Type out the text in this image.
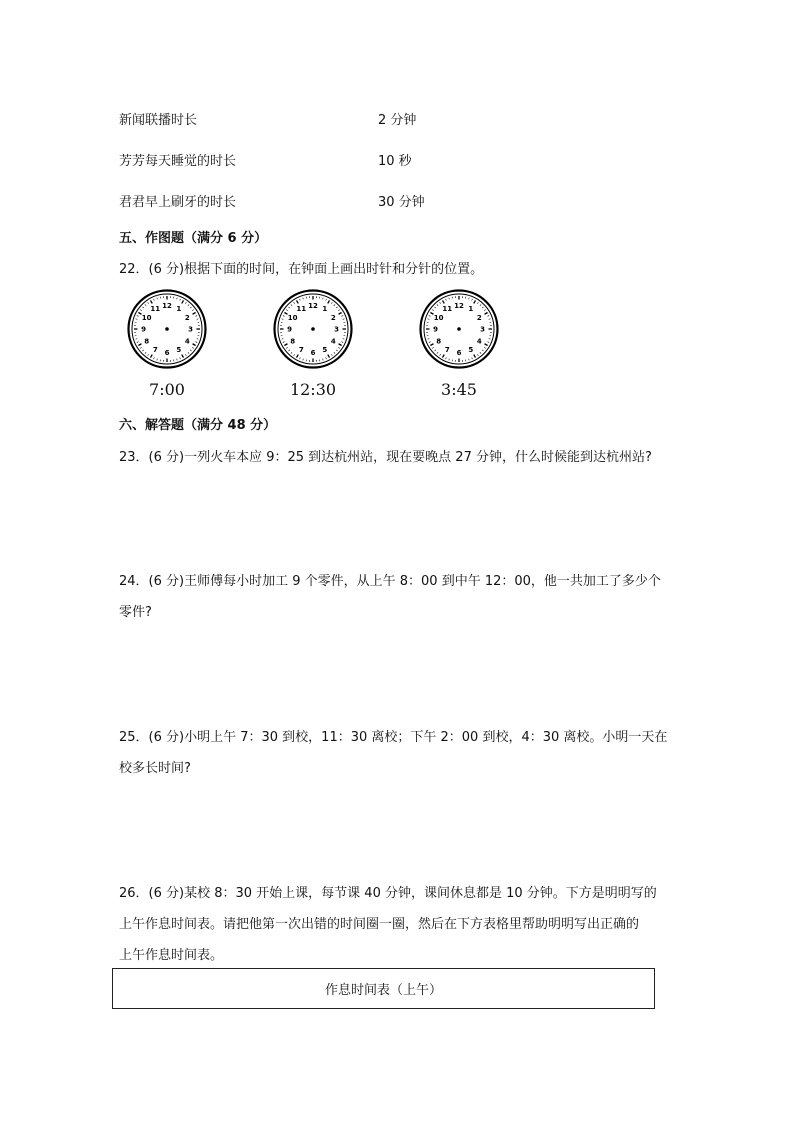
新闻联播时长	2 分钟
芳芳每天睡觉的时长	10 秒
君君早上刷牙的时长	30 分钟
五、作图题（满分 6 分）
22．(6 分)根据下面的时间，在钟面上画出时针和分针的位置。
1
2
3
4
5
6
7
8
9
10
11 12	1
2
3
4
5
6
7
8
9
10
11 12	1
2
3
4
5
6
7
8
9
10
11 12
7:00	12:30	3:45
六、解答题（满分 48 分）
23．(6 分)一列火车本应 9：25 到达杭州站，现在要晚点 27 分钟，什么时候能到达杭州站?
24．(6 分)王师傅每小时加工 9 个零件，从上午 8：00 到中午 12：00，他一共加工了多少个
零件?
25．(6 分)小明上午 7：30 到校，11：30 离校；下午 2：00 到校，4：30 离校。小明一天在
校多长时间?
26．(6 分)某校 8：30 开始上课，每节课 40 分钟，课间休息都是 10 分钟。下方是明明写的
上午作息时间表。请把他第一次出错的时间圈一圈，然后在下方表格里帮助明明写出正确的
上午作息时间表。
作息时间表（上午）
